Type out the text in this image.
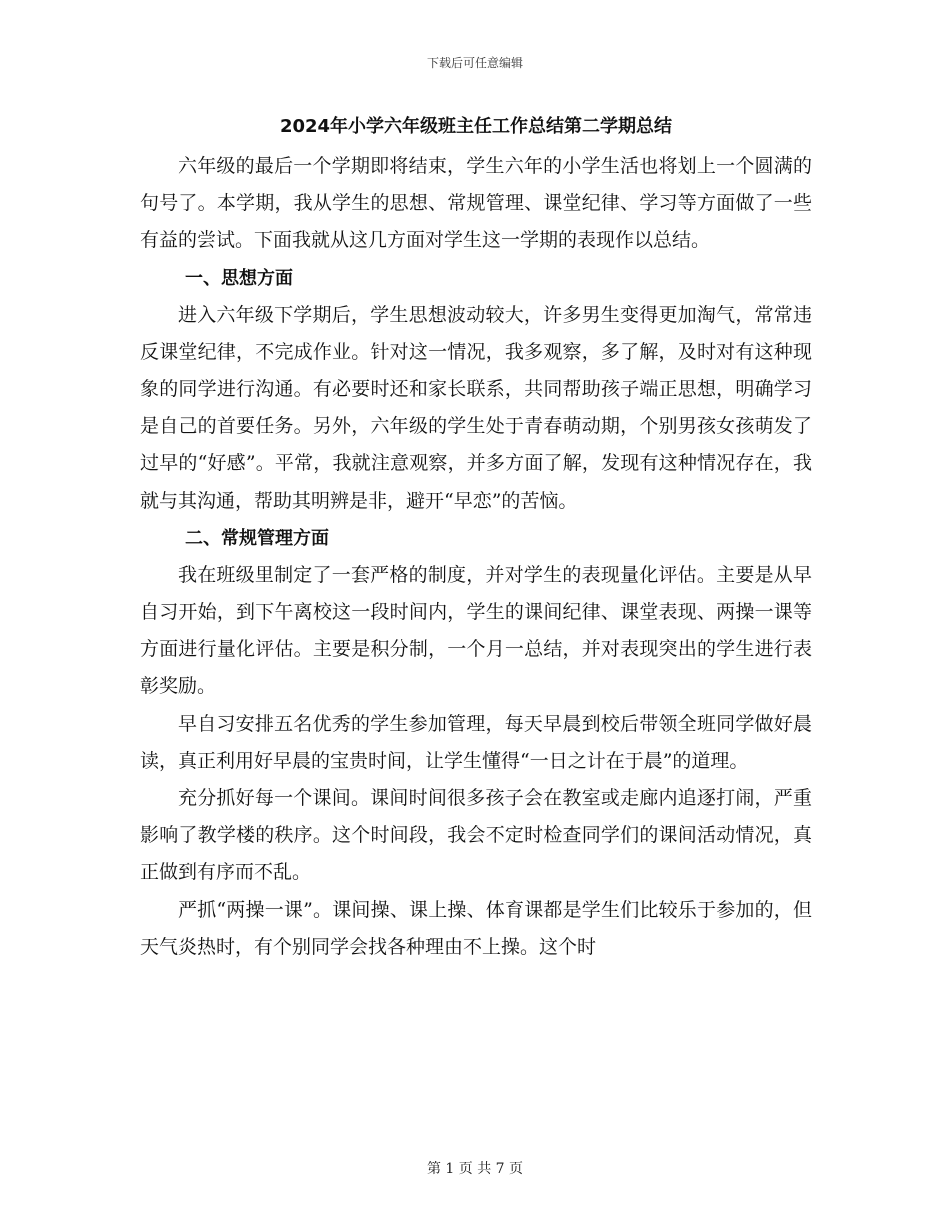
下载后可任意编辑
2024年小学六年级班主任工作总结第二学期总结

六年级的最后一个学期即将结束，学生六年的小学生活也将划上一个圆满的句号了。本学期，我从学生的思想、常规管理、课堂纪律、学习等方面做了一些有益的尝试。下面我就从这几方面对学生这一学期的表现作以总结。

一、思想方面

进入六年级下学期后，学生思想波动较大，许多男生变得更加淘气，常常违反课堂纪律，不完成作业。针对这一情况，我多观察，多了解，及时对有这种现象的同学进行沟通。有必要时还和家长联系，共同帮助孩子端正思想，明确学习是自己的首要任务。另外，六年级的学生处于青春萌动期，个别男孩女孩萌发了过早的“好感”。平常，我就注意观察，并多方面了解，发现有这种情况存在，我就与其沟通，帮助其明辨是非，避开“早恋”的苦恼。

二、常规管理方面

我在班级里制定了一套严格的制度，并对学生的表现量化评估。主要是从早自习开始，到下午离校这一段时间内，学生的课间纪律、课堂表现、两操一课等方面进行量化评估。主要是积分制，一个月一总结，并对表现突出的学生进行表彰奖励。

早自习安排五名优秀的学生参加管理，每天早晨到校后带领全班同学做好晨读，真正利用好早晨的宝贵时间，让学生懂得“一日之计在于晨”的道理。

充分抓好每一个课间。课间时间很多孩子会在教室或走廊内追逐打闹，严重影响了教学楼的秩序。这个时间段，我会不定时检查同学们的课间活动情况，真正做到有序而不乱。

严抓“两操一课”。课间操、课上操、体育课都是学生们比较乐于参加的，但天气炎热时，有个别同学会找各种理由不上操。这个时

第 1 页 共 7 页
